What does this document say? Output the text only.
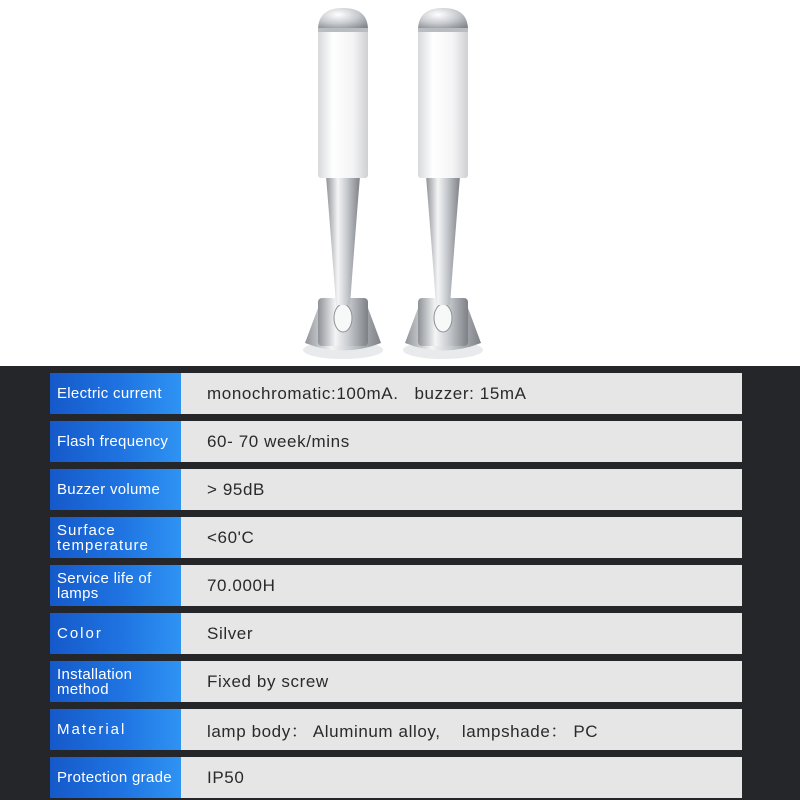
Electric current	monochromatic:100mA.   buzzer: 15mA
Flash frequency	60- 70 week/mins
Buzzer volume	> 95dB
Surface temperature	<60'C
Service life of lamps	70.000H
Color	Silver
Installation method	Fixed by screw
Material	lamp body： Aluminum alloy,    lampshade： PC
Protection grade	IP50
